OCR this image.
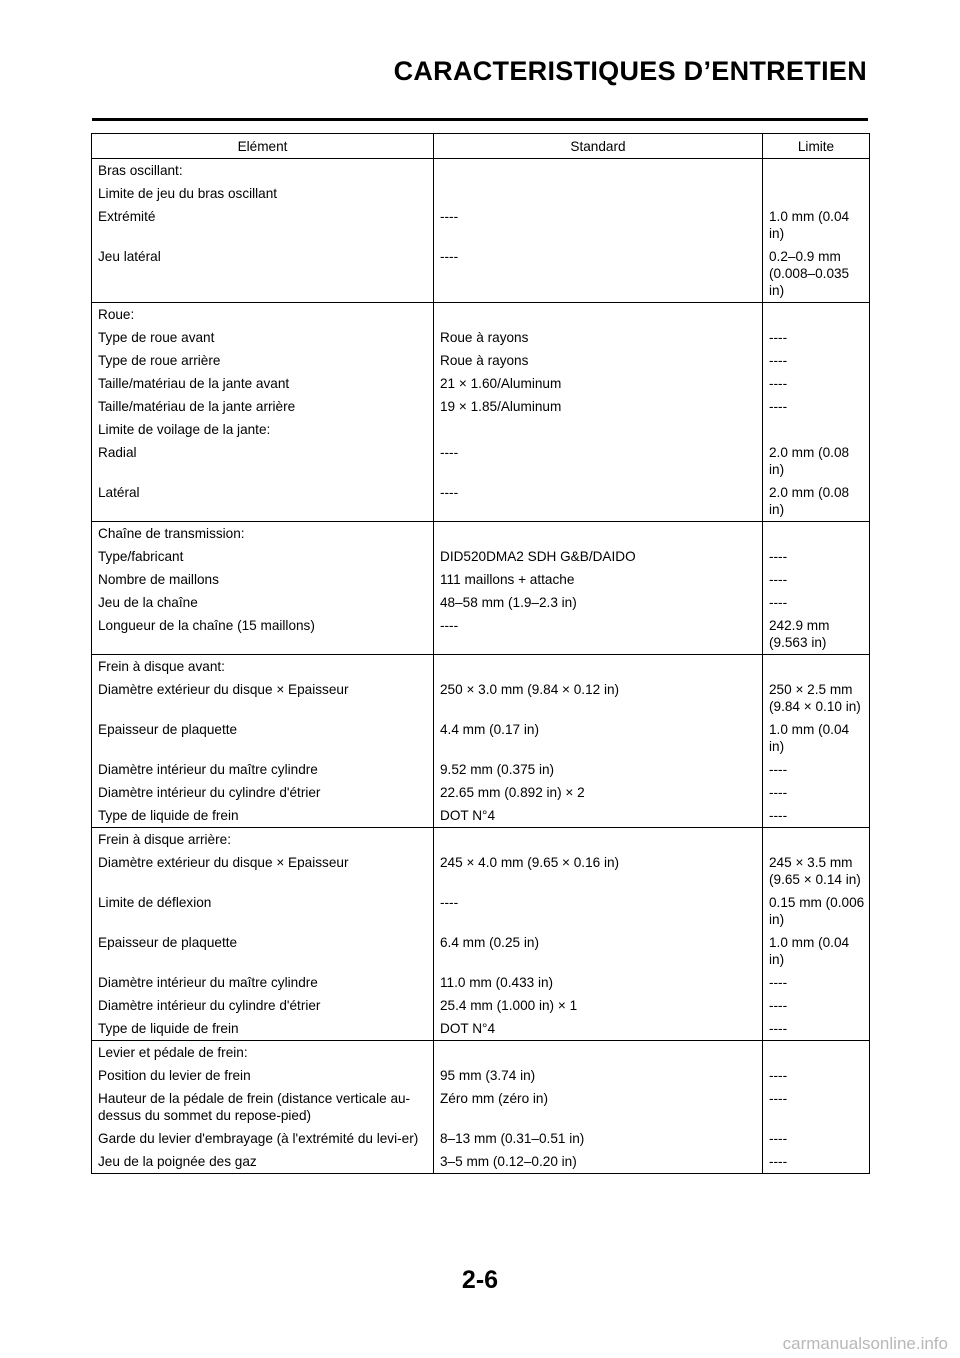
CARACTERISTIQUES D’ENTRETIEN
Elément	Standard	Limite
Bras oscillant:		
Limite de jeu du bras oscillant		
Extrémité	----	1.0 mm (0.04 in)
Jeu latéral	----	0.2–0.9 mm (0.008–0.035 in)
Roue:		
Type de roue avant	Roue à rayons	----
Type de roue arrière	Roue à rayons	----
Taille/matériau de la jante avant	21 × 1.60/Aluminum	----
Taille/matériau de la jante arrière	19 × 1.85/Aluminum	----
Limite de voilage de la jante:		
Radial	----	2.0 mm (0.08 in)
Latéral	----	2.0 mm (0.08 in)
Chaîne de transmission:		
Type/fabricant	DID520DMA2 SDH G&B/DAIDO	----
Nombre de maillons	111 maillons + attache	----
Jeu de la chaîne	48–58 mm (1.9–2.3 in)	----
Longueur de la chaîne (15 maillons)	----	242.9 mm (9.563 in)
Frein à disque avant:		
Diamètre extérieur du disque × Epaisseur	250 × 3.0 mm (9.84 × 0.12 in)	250 × 2.5 mm (9.84 × 0.10 in)
Epaisseur de plaquette	4.4 mm (0.17 in)	1.0 mm (0.04 in)
Diamètre intérieur du maître cylindre	9.52 mm (0.375 in)	----
Diamètre intérieur du cylindre d'étrier	22.65 mm (0.892 in) × 2	----
Type de liquide de frein	DOT N°4	----
Frein à disque arrière:		
Diamètre extérieur du disque × Epaisseur	245 × 4.0 mm (9.65 × 0.16 in)	245 × 3.5 mm (9.65 × 0.14 in)
Limite de déflexion	----	0.15 mm (0.006 in)
Epaisseur de plaquette	6.4 mm (0.25 in)	1.0 mm (0.04 in)
Diamètre intérieur du maître cylindre	11.0 mm (0.433 in)	----
Diamètre intérieur du cylindre d'étrier	25.4 mm (1.000 in) × 1	----
Type de liquide de frein	DOT N°4	----
Levier et pédale de frein:		
Position du levier de frein	95 mm (3.74 in)	----
Hauteur de la pédale de frein (distance verticale au-dessus du sommet du repose-pied)	Zéro mm (zéro in)	----
Garde du levier d'embrayage (à l'extrémité du levi-er)	8–13 mm (0.31–0.51 in)	----
Jeu de la poignée des gaz	3–5 mm (0.12–0.20 in)	----
2-6
carmanualsonline.info
